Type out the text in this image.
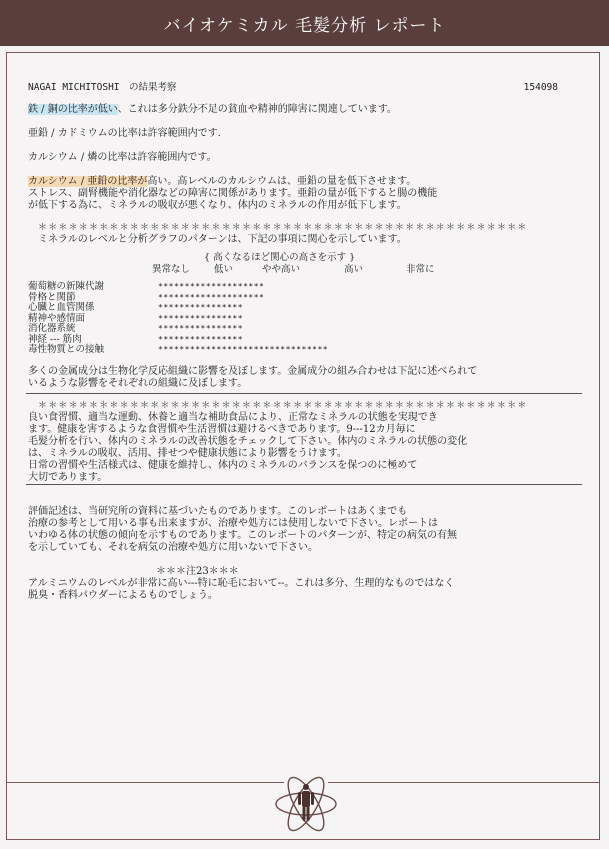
バイオケミカル 毛髪分析 レポート
NAGAI MICHITOSHI　の結果考察	154098

鉄 / 銅の比率が低い、これは多分鉄分不足の貧血や精神的障害に関連しています。

亜鉛 / カドミウムの比率は許容範囲内です.

カルシウム / 燐の比率は許容範囲内です。

カルシウム / 亜鉛の比率が高い。高レベルのカルシウムは、亜鉛の量を低下させます。
ストレス、副腎機能や消化器などの障害に関係があります。亜鉛の量が低下すると腸の機能
が低下する為に、ミネラルの吸収が悪くなり、体内のミネラルの作用が低下します。

＊＊＊＊＊＊＊＊＊＊＊＊＊＊＊＊＊＊＊＊＊＊＊＊＊＊＊＊＊＊＊＊＊＊＊＊＊＊＊＊＊＊＊＊＊＊＊＊

ミネラルのレベルと分析グラフのパターンは、下記の事項に関心を示しています。

{ 高くなるほど関心の高さを示す }
異常なし	低い	やや高い	高い	非常に
葡萄糖の新陳代謝	********************
骨格と関節	********************
心臓と血管関係	****************
精神や感情面	****************
消化器系統	****************
神経 --- 筋肉	****************
毒性物質との接触	********************************

多くの金属成分は生物化学反応組織に影響を及ぼします。金属成分の組み合わせは下記に述べられて
いるような影響をそれぞれの組織に及ぼします。

＊＊＊＊＊＊＊＊＊＊＊＊＊＊＊＊＊＊＊＊＊＊＊＊＊＊＊＊＊＊＊＊＊＊＊＊＊＊＊＊＊＊＊＊＊＊＊＊

良い食習慣、適当な運動、休養と適当な補助食品により、正常なミネラルの状態を実現でき
ます。健康を害するような食習慣や生活習慣は避けるべきであります。9---12カ月毎に
毛髪分析を行い、体内のミネラルの改善状態をチェックして下さい。体内のミネラルの状態の変化
は、ミネラルの吸収、活用、排せつや健康状態により影響をうけます。
日常の習慣や生活様式は、健康を維持し、体内のミネラルのバランスを保つのに極めて
大切であります。

評価記述は、当研究所の資料に基づいたものであります。このレポートはあくまでも
治療の参考として用いる事も出来ますが、治療や処方には使用しないで下さい。レポートは
いわゆる体の状態の傾向を示すものであります。このレポートのパターンが、特定の病気の有無
を示していても、それを病気の治療や処方に用いないで下さい。

＊＊＊注23＊＊＊

アルミニウムのレベルが非常に高い---特に恥毛において--。これは多分、生理的なものではなく
脱臭・香料パウダーによるものでしょう。
